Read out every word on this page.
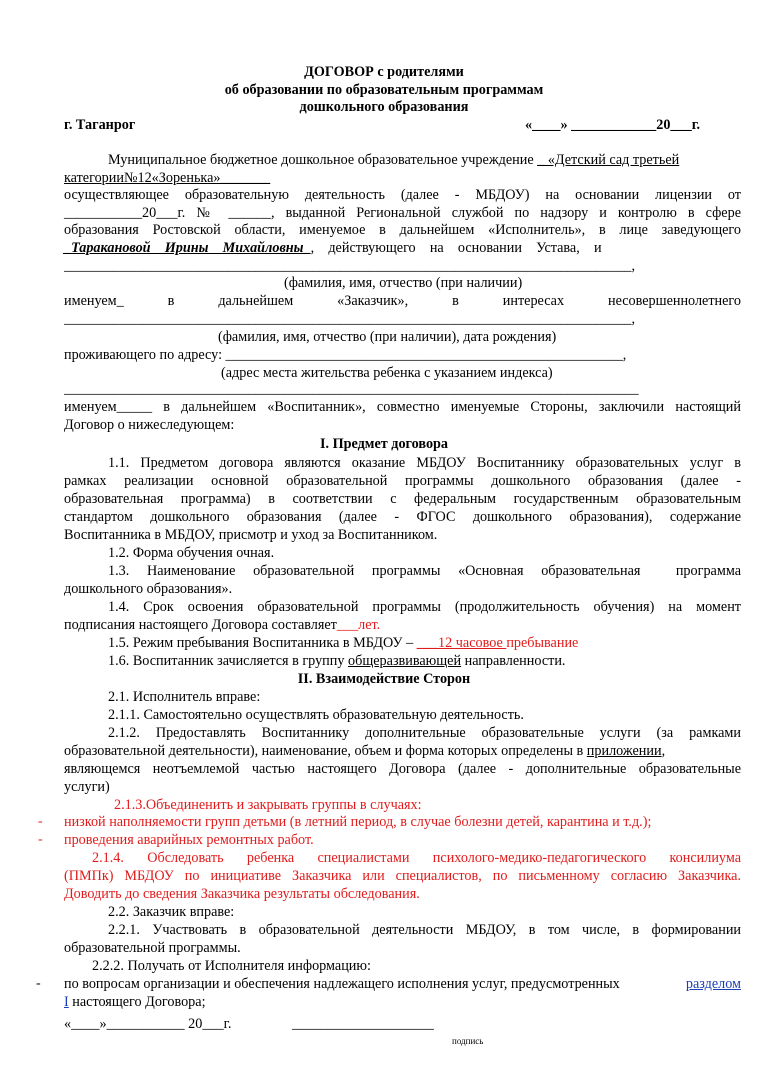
ДОГОВОР с родителями
об образовании по образовательным программам
дошкольного образования
г. Таганрог	«____» ____________20___г.
Муниципальное бюджетное дошкольное образовательное учреждение _ «Детский сад третьей
категории№12«Зоренька»_______
осуществляющее образовательную деятельность (далее - МБДОУ) на основании лицензии от
___________20___г. № ______, выданной Региональной службой по надзору и контролю в сфере
образования Ростовской области, именуемое в дальнейшем «Исполнитель», в лице заведующего
_Таракановой    Ирины    Михайловны_,    действующего    на    основании    Устава,    и
________________________________________________________________________________,
(фамилия, имя, отчество (при наличии)
именуем_   в   дальнейшем   «Заказчик»,   в   интересах   несовершеннолетнего
________________________________________________________________________________,
(фамилия, имя, отчество (при наличии), дата рождения)
проживающего по адресу: ________________________________________________________,
(адрес места жительства ребенка с указанием индекса)
_________________________________________________________________________________
именуем_____ в дальнейшем «Воспитанник», совместно именуемые Стороны, заключили настоящий
Договор о нижеследующем:
I. Предмет договора
1.1. Предметом договора являются оказание МБДОУ Воспитаннику образовательных услуг в
рамках реализации основной образовательной программы дошкольного образования (далее -
образовательная программа) в соответствии с федеральным государственным образовательным
стандартом дошкольного образования (далее - ФГОС дошкольного образования), содержание
Воспитанника в МБДОУ, присмотр и уход за Воспитанником.
1.2. Форма обучения очная.
1.3. Наименование образовательной программы «Основная образовательная  программа
дошкольного образования».
1.4. Срок освоения образовательной программы (продолжительность обучения) на момент
подписания настоящего Договора составляет___лет.
1.5. Режим пребывания Воспитанника в МБДОУ – ___12 часовое пребывание
1.6. Воспитанник зачисляется в группу общеразвивающей направленности.
II. Взаимодействие Сторон
2.1. Исполнитель вправе:
2.1.1. Самостоятельно осуществлять образовательную деятельность.
2.1.2. Предоставлять Воспитаннику дополнительные образовательные услуги (за рамками
образовательной деятельности), наименование, объем и форма которых определены в приложении,
являющемся неотъемлемой частью настоящего Договора (далее - дополнительные образовательные
услуги)
2.1.3.Объединенить и закрывать группы в случаях:
- низкой наполняемости групп детьми (в летний период, в случае болезни детей, карантина и т.д.);
- проведения аварийных ремонтных работ.
2.1.4. Обследовать ребенка специалистами психолого-медико-педагогического консилиума
(ПМПк) МБДОУ по инициативе Заказчика или специалистов, по письменному согласию Заказчика.
Доводить до сведения Заказчика результаты обследования.
2.2. Заказчик вправе:
2.2.1. Участвовать в образовательной деятельности МБДОУ, в том числе, в формировании
образовательной программы.
2.2.2. Получать от Исполнителя информацию:
- по вопросам организации и обеспечения надлежащего исполнения услуг, предусмотренных	разделом
I настоящего Договора;
«____»___________ 20___г.	____________________
подпись
